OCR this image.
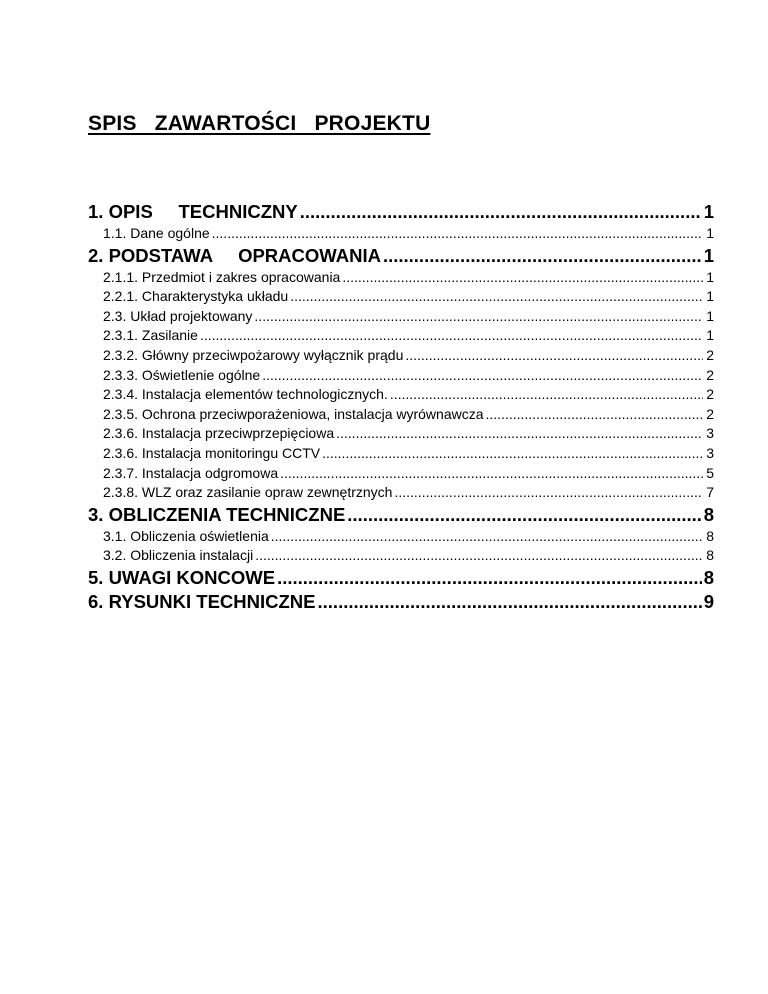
SPIS   ZAWARTOŚCI   PROJEKTU
1. OPIS     TECHNICZNY .....	1
1.1. Dane ogólne .....	1
2. PODSTAWA     OPRACOWANIA .....	1
2.1.1. Przedmiot i zakres opracowania .....	1
2.2.1. Charakterystyka układu .....	1
2.3. Układ projektowany .....	1
2.3.1. Zasilanie .....	1
2.3.2. Główny przeciwpożarowy wyłącznik prądu .....	2
2.3.3. Oświetlenie ogólne .....	2
2.3.4. Instalacja elementów technologicznych. .....	2
2.3.5. Ochrona przeciwporażeniowa, instalacja wyrównawcza .....	2
2.3.6. Instalacja przeciwprzepięciowa .....	3
2.3.6. Instalacja monitoringu CCTV .....	3
2.3.7. Instalacja odgromowa .....	5
2.3.8. WLZ oraz zasilanie opraw zewnętrznych .....	7
3. OBLICZENIA TECHNICZNE .....	8
3.1. Obliczenia oświetlenia .....	8
3.2. Obliczenia instalacji .....	8
5. UWAGI KONCOWE .....	8
6. RYSUNKI TECHNICZNE .....	9
